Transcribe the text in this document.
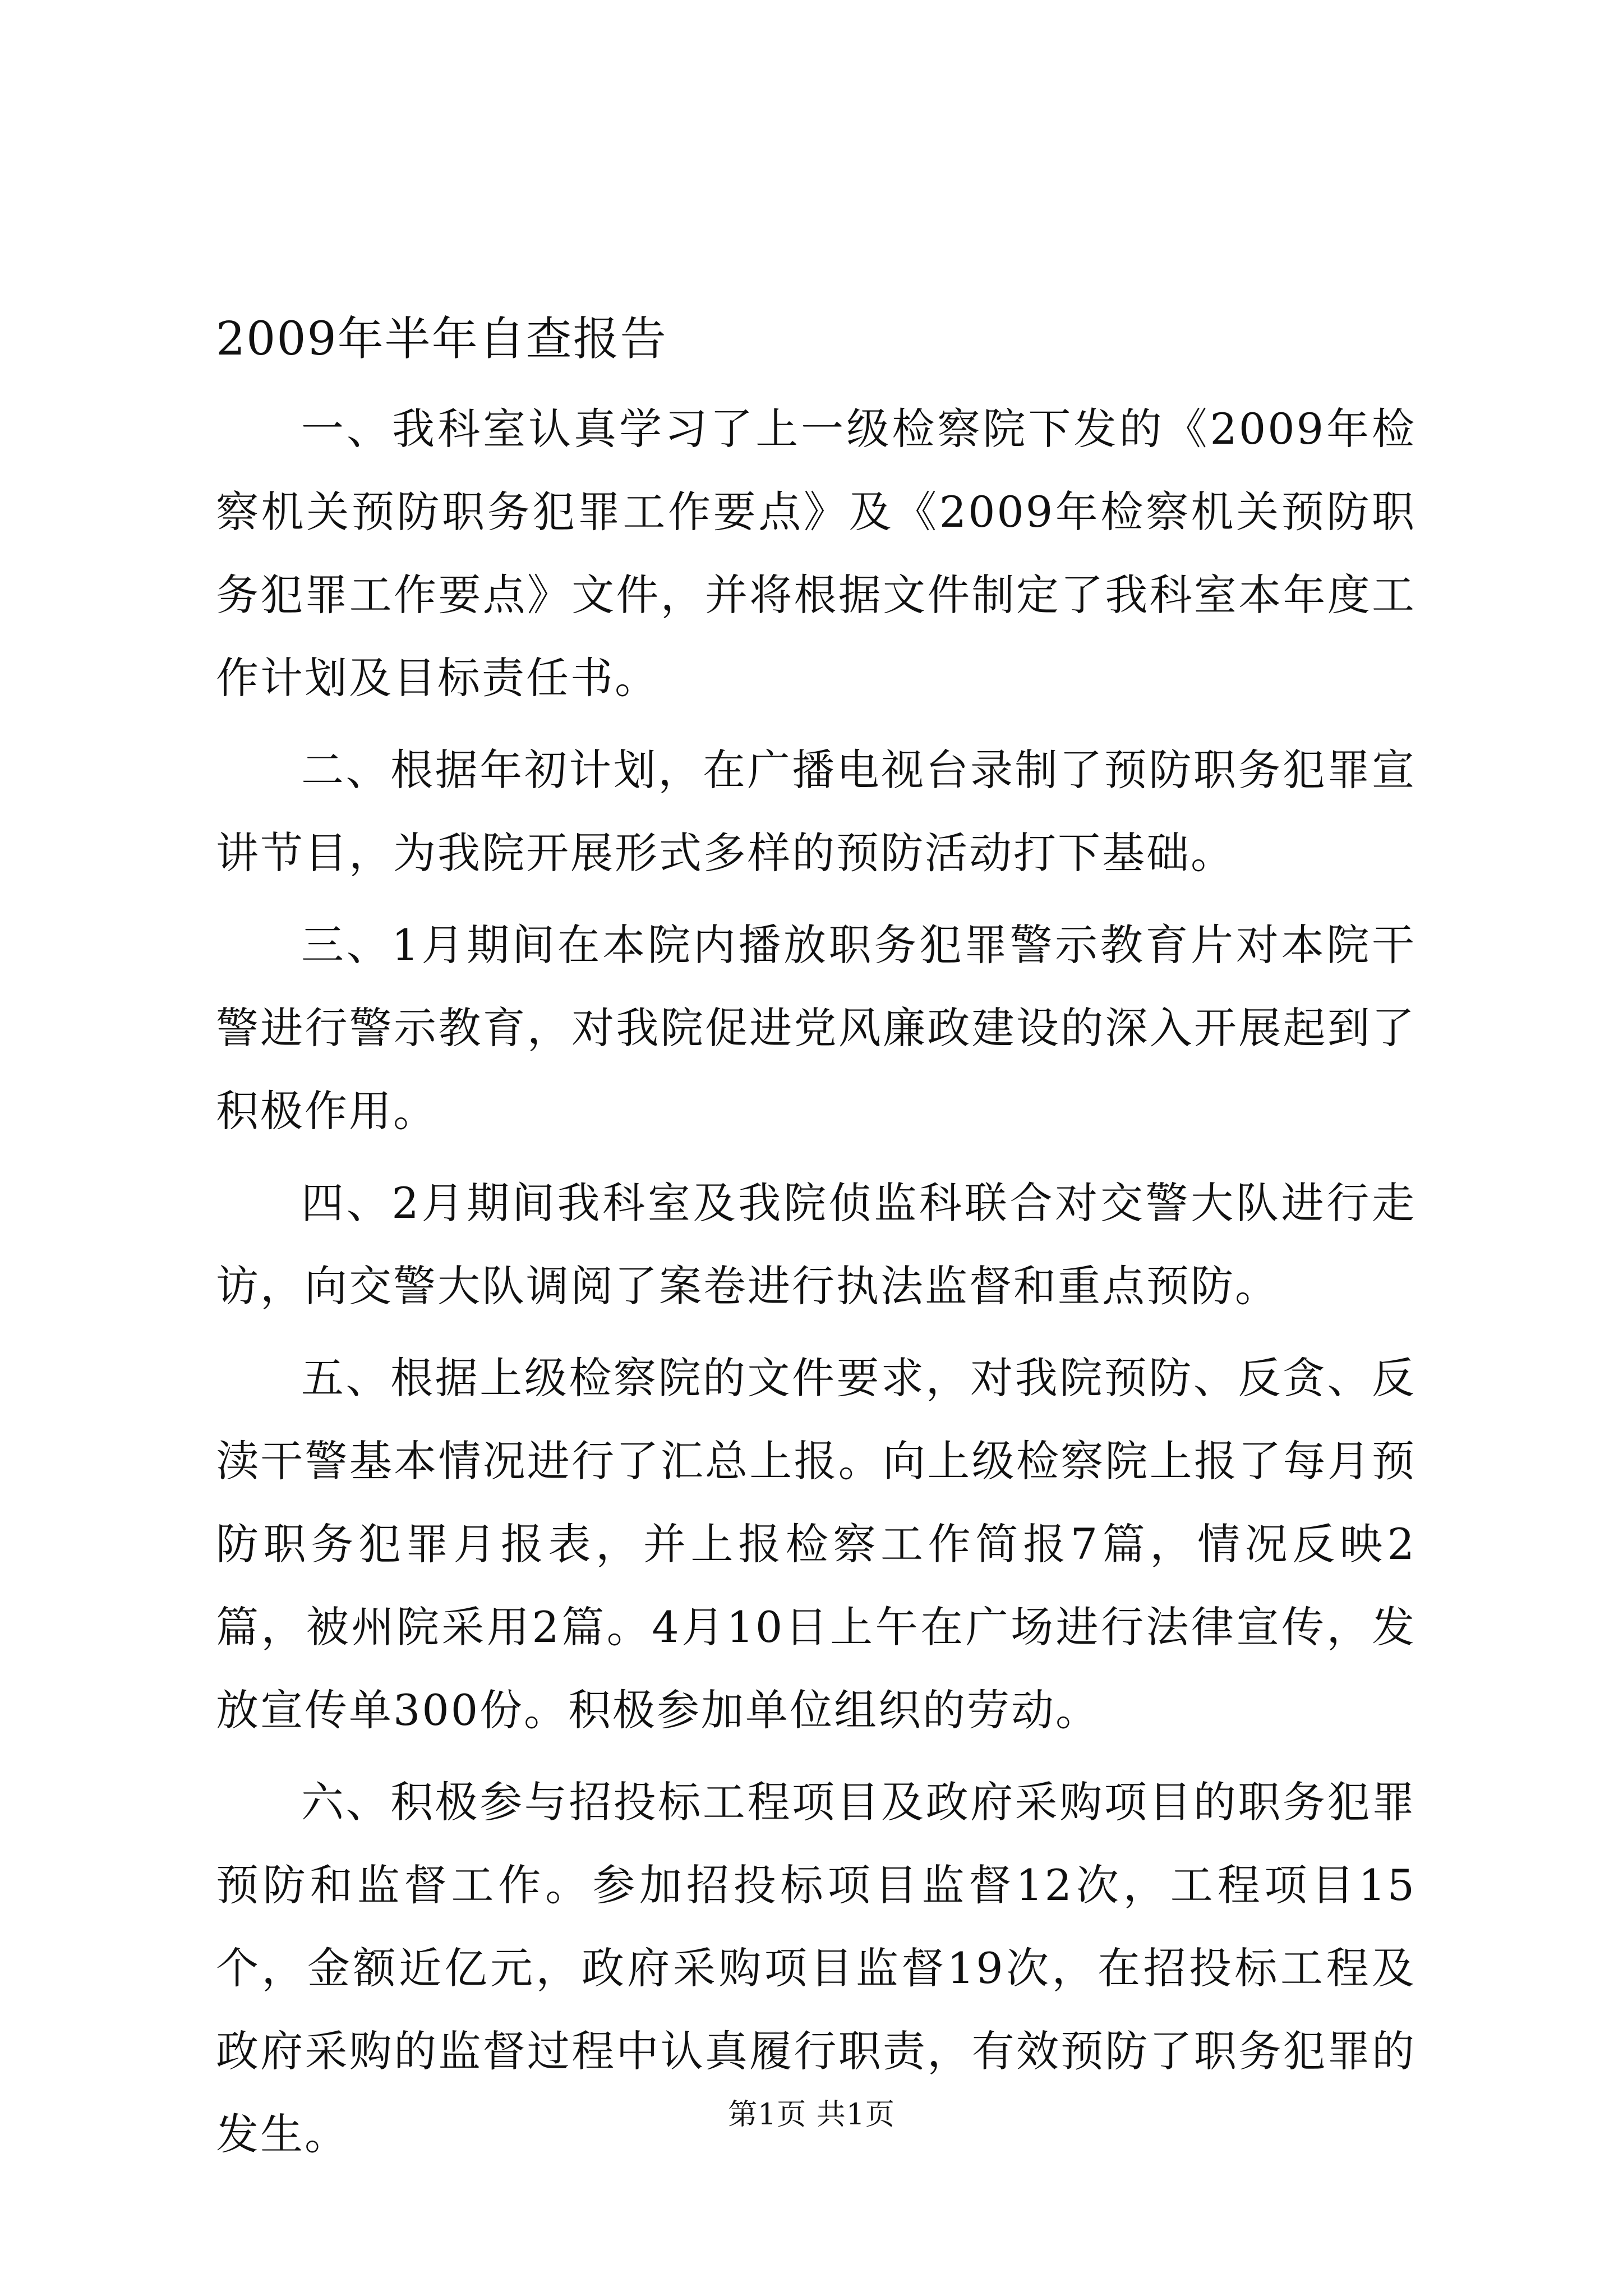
2009年半年自查报告

一、我科室认真学习了上一级检察院下发的《2009年检察机关预防职务犯罪工作要点》及《2009年检察机关预防职务犯罪工作要点》文件，并将根据文件制定了我科室本年度工作计划及目标责任书。

二、根据年初计划，在广播电视台录制了预防职务犯罪宣讲节目，为我院开展形式多样的预防活动打下基础。

三、1月期间在本院内播放职务犯罪警示教育片对本院干警进行警示教育，对我院促进党风廉政建设的深入开展起到了积极作用。

四、2月期间我科室及我院侦监科联合对交警大队进行走访，向交警大队调阅了案卷进行执法监督和重点预防。

五、根据上级检察院的文件要求，对我院预防、反贪、反渎干警基本情况进行了汇总上报。向上级检察院上报了每月预防职务犯罪月报表，并上报检察工作简报7篇，情况反映2篇，被州院采用2篇。4月10日上午在广场进行法律宣传，发放宣传单300份。积极参加单位组织的劳动。

六、积极参与招投标工程项目及政府采购项目的职务犯罪预防和监督工作。参加招投标项目监督12次，工程项目15个，金额近亿元，政府采购项目监督19次，在招投标工程及政府采购的监督过程中认真履行职责，有效预防了职务犯罪的发生。	第1页 共1页
